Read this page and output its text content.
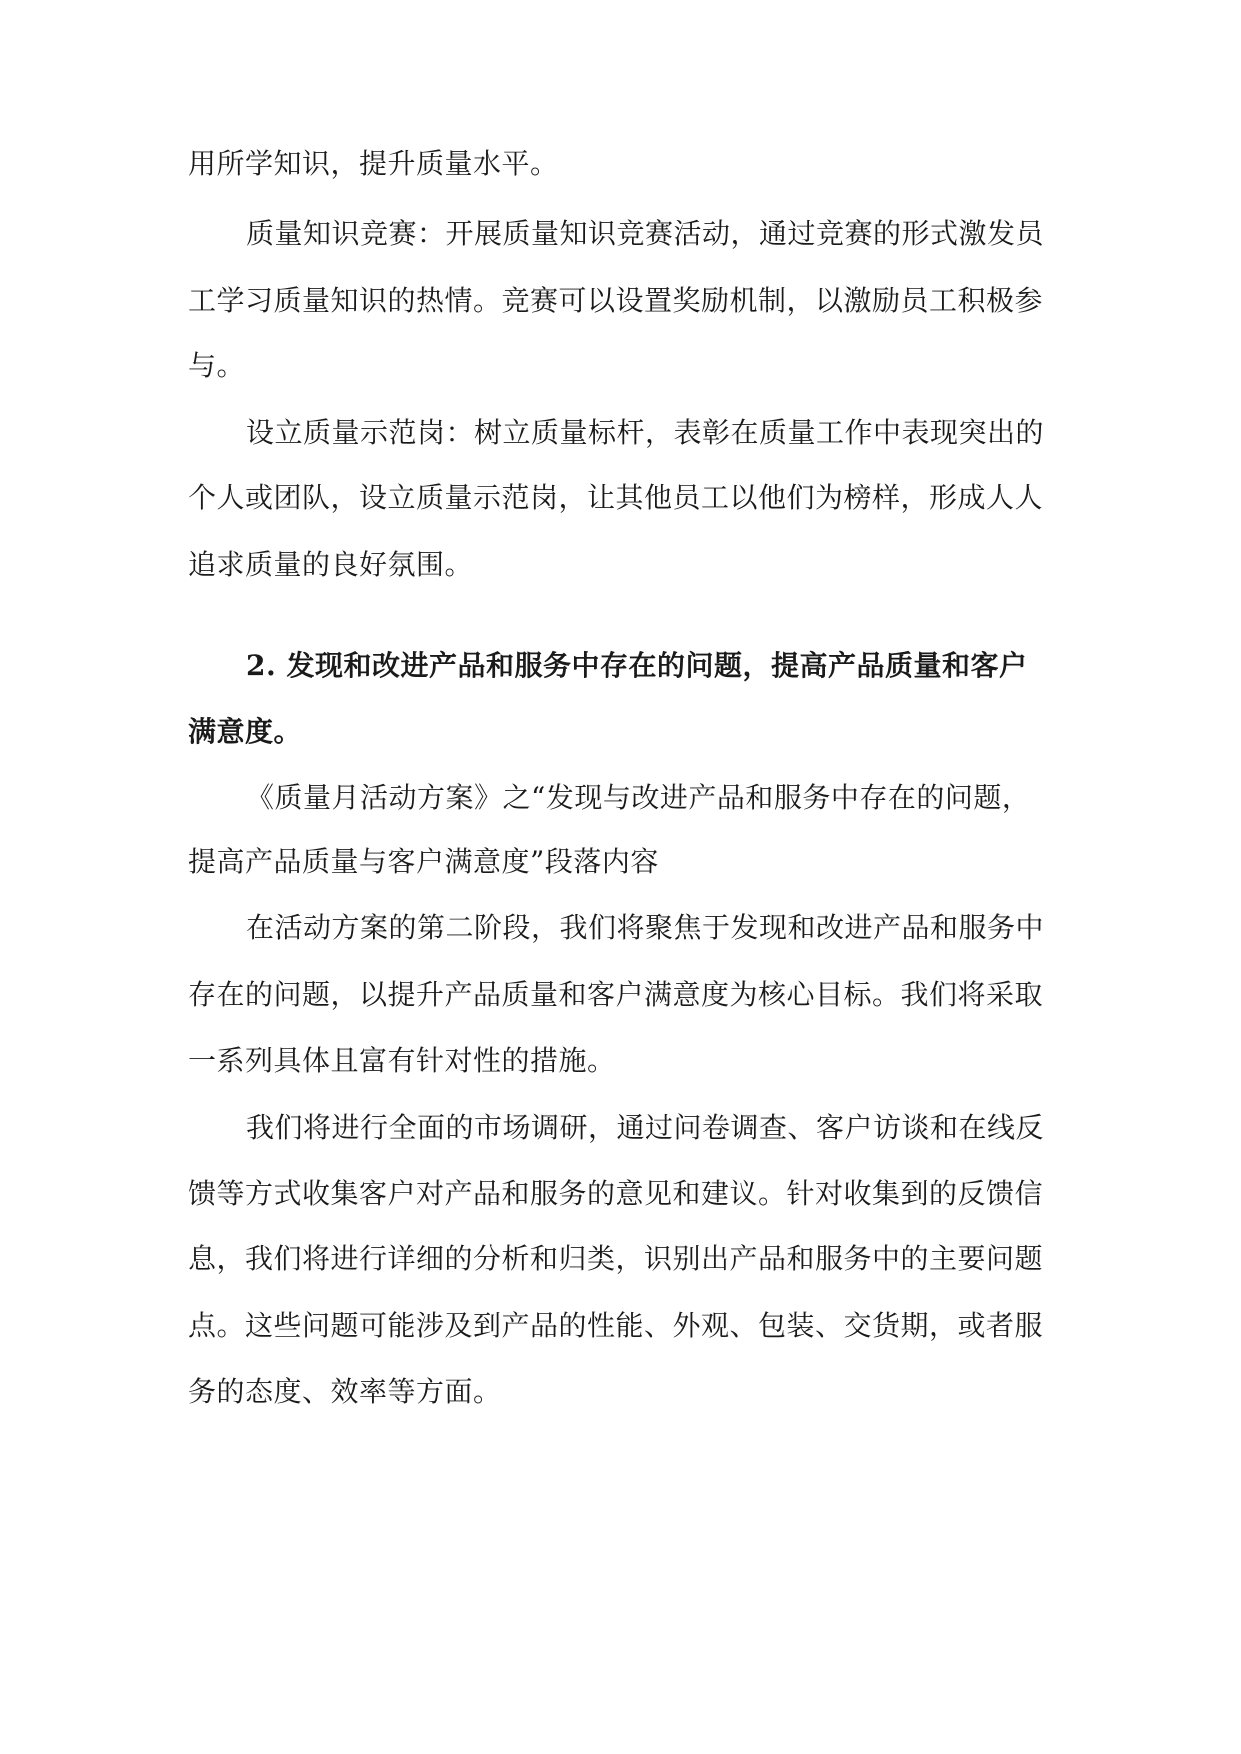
用所学知识，提升质量水平。
质量知识竞赛：开展质量知识竞赛活动，通过竞赛的形式激发员
工学习质量知识的热情。竞赛可以设置奖励机制，以激励员工积极参
与。
设立质量示范岗：树立质量标杆，表彰在质量工作中表现突出的
个人或团队，设立质量示范岗，让其他员工以他们为榜样，形成人人
追求质量的良好氛围。
2. 发现和改进产品和服务中存在的问题，提高产品质量和客户
满意度。
《质量月活动方案》之“发现与改进产品和服务中存在的问题，
提高产品质量与客户满意度”段落内容
在活动方案的第二阶段，我们将聚焦于发现和改进产品和服务中
存在的问题，以提升产品质量和客户满意度为核心目标。我们将采取
一系列具体且富有针对性的措施。
我们将进行全面的市场调研，通过问卷调查、客户访谈和在线反
馈等方式收集客户对产品和服务的意见和建议。针对收集到的反馈信
息，我们将进行详细的分析和归类，识别出产品和服务中的主要问题
点。这些问题可能涉及到产品的性能、外观、包装、交货期，或者服
务的态度、效率等方面。
